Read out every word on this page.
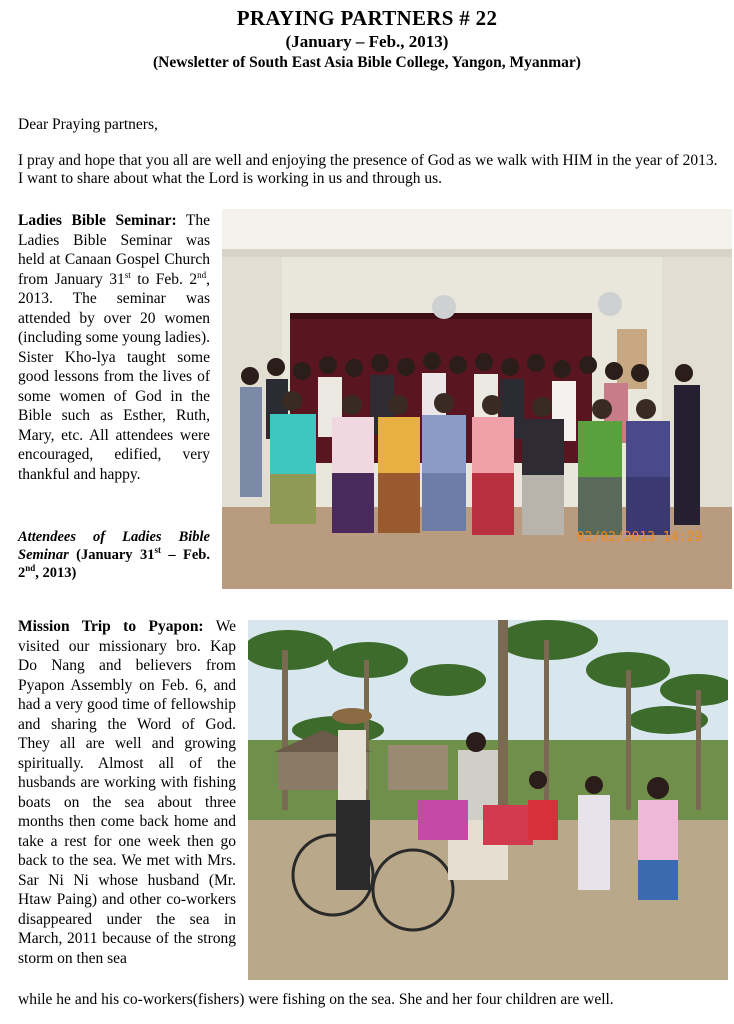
PRAYING PARTNERS # 22
(January – Feb., 2013)
(Newsletter of South East Asia Bible College, Yangon, Myanmar)

Dear Praying partners,

I pray and hope that you all are well and enjoying the presence of God as we walk with HIM in the year of 2013. I want to share about what the Lord is working in us and through us.

Ladies Bible Seminar: The Ladies Bible Seminar was held at Canaan Gospel Church from January 31st to Feb. 2nd, 2013. The seminar was attended by over 20 women (including some young ladies). Sister Kho-lya taught some good lessons from the lives of some women of God in the Bible such as Esther, Ruth, Mary, etc. All attendees were encouraged, edified, very thankful and happy.
Attendees of Ladies Bible Seminar (January 31st – Feb. 2nd, 2013)
02/02/2013 14:29
Mission Trip to Pyapon: We visited our missionary bro. Kap Do Nang and believers from Pyapon Assembly on Feb. 6, and had a very good time of fellowship and sharing the Word of God. They all are well and growing spiritually. Almost all of the husbands are working with fishing boats on the sea about three months then come back home and take a rest for one week then go back to the sea. We met with Mrs. Sar Ni Ni whose husband (Mr. Htaw Paing) and other co-workers disappeared under the sea in March, 2011 because of the strong storm on then sea
while he and his co-workers(fishers) were fishing on the sea. She and her four children are well.
